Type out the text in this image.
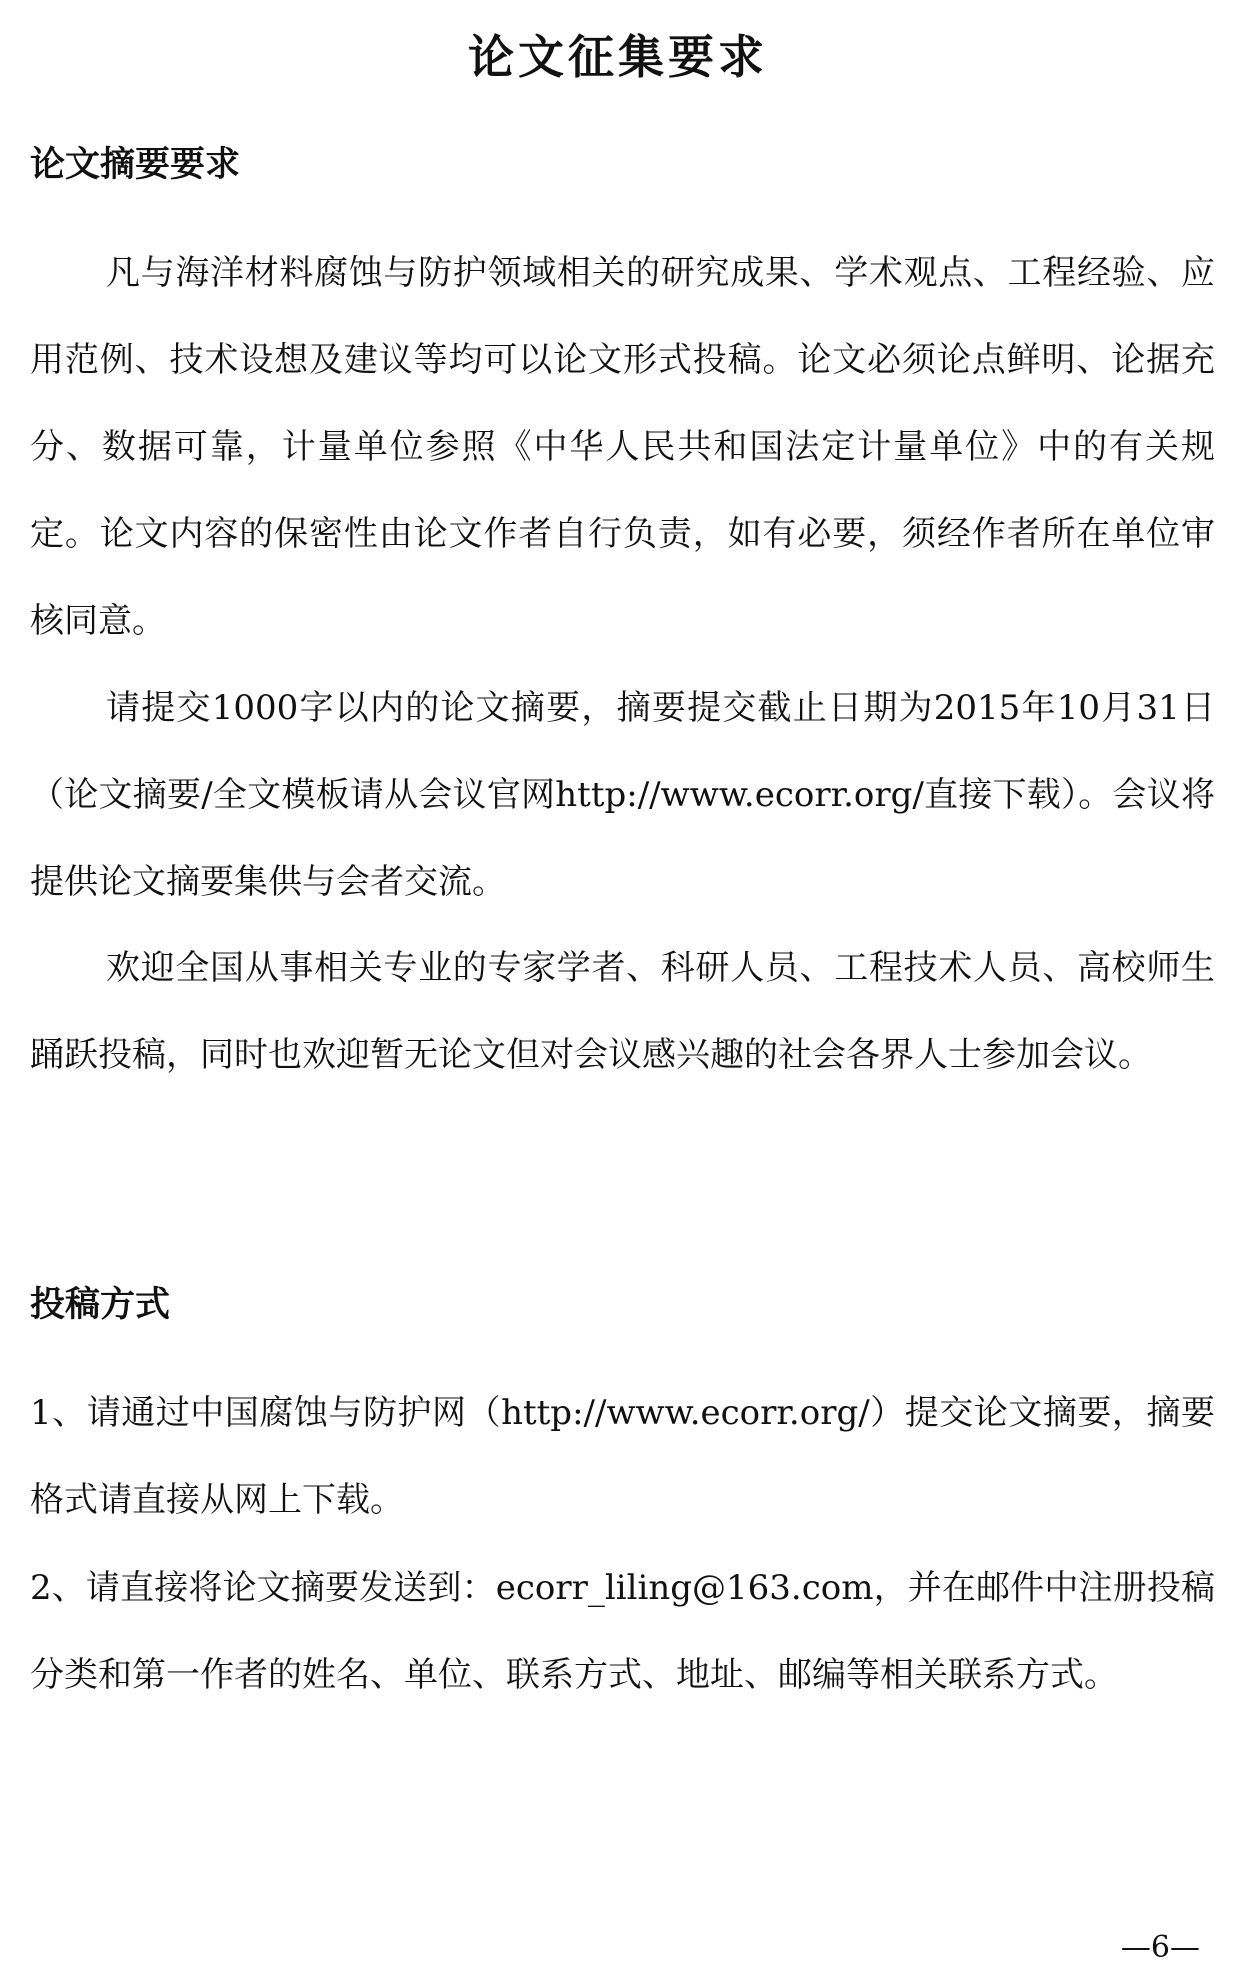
论文征集要求
论文摘要要求

凡与海洋材料腐蚀与防护领域相关的研究成果、学术观点、工程经验、应用范例、技术设想及建议等均可以论文形式投稿。论文必须论点鲜明、论据充分、数据可靠，计量单位参照《中华人民共和国法定计量单位》中的有关规定。论文内容的保密性由论文作者自行负责，如有必要，须经作者所在单位审核同意。

请提交1000字以内的论文摘要，摘要提交截止日期为2015年10月31日（论文摘要/全文模板请从会议官网http://www.ecorr.org/直接下载）。会议将提供论文摘要集供与会者交流。

欢迎全国从事相关专业的专家学者、科研人员、工程技术人员、高校师生踊跃投稿，同时也欢迎暂无论文但对会议感兴趣的社会各界人士参加会议。

投稿方式

1、请通过中国腐蚀与防护网（http://www.ecorr.org/）提交论文摘要，摘要格式请直接从网上下载。

2、请直接将论文摘要发送到：ecorr_liling@163.com，并在邮件中注册投稿分类和第一作者的姓名、单位、联系方式、地址、邮编等相关联系方式。

—6—
